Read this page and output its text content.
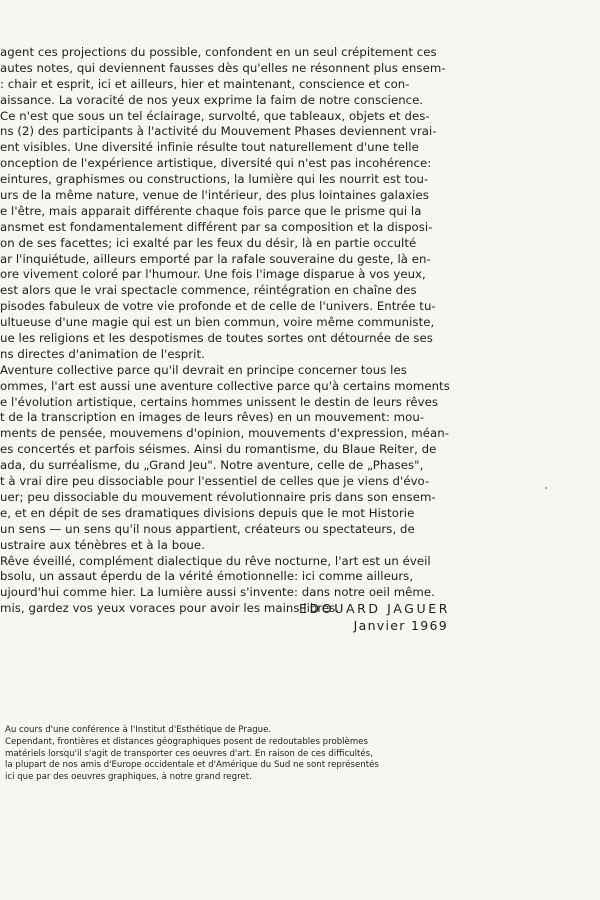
agent ces projections du possible, confondent en un seul crépitement ces
autes notes, qui deviennent fausses dès qu'elles ne résonnent plus ensem-
: chair et esprit, ici et ailleurs, hier et maintenant, conscience et con-
aissance. La voracité de nos yeux exprime la faim de notre conscience.
Ce n'est que sous un tel éclairage, survolté, que tableaux, objets et des-
ns (2) des participants à l'activité du Mouvement Phases deviennent vrai-
ent visibles. Une diversité infinie résulte tout naturellement d'une telle
onception de l'expérience artistique, diversité qui n'est pas incohérence:
eintures, graphismes ou constructions, la lumière qui les nourrit est tou-
urs de la même nature, venue de l'intérieur, des plus lointaines galaxies
e l'être, mais apparait différente chaque fois parce que le prisme qui la
ansmet est fondamentalement différent par sa composition et la disposi-
on de ses facettes; ici exalté par les feux du désir, là en partie occulté
ar l'inquiétude, ailleurs emporté par la rafale souveraine du geste, là en-
ore vivement coloré par l'humour. Une fois l'image disparue à vos yeux,
est alors que le vrai spectacle commence, réintégration en chaîne des
pisodes fabuleux de votre vie profonde et de celle de l'univers. Entrée tu-
ultueuse d'une magie qui est un bien commun, voire même communiste,
ue les religions et les despotismes de toutes sortes ont détournée de ses
ns directes d'animation de l'esprit.
Aventure collective parce qu'il devrait en principe concerner tous les
ommes, l'art est aussi une aventure collective parce qu'à certains moments
e l'évolution artistique, certains hommes unissent le destin de leurs rêves
t de la transcription en images de leurs rêves) en un mouvement: mou-
ments de pensée, mouvemens d'opinion, mouvements d'expression, méan-
es concertés et parfois séismes. Ainsi du romantisme, du Blaue Reiter, de
ada, du surréalisme, du „Grand Jeu". Notre aventure, celle de „Phases",
t à vrai dire peu dissociable pour l'essentiel de celles que je viens d'évo-
uer; peu dissociable du mouvement révolutionnaire pris dans son ensem-
e, et en dépit de ses dramatiques divisions depuis que le mot Historie
un sens — un sens qu'il nous appartient, créateurs ou spectateurs, de
ustraire aux ténèbres et à la boue.
Rêve éveillé, complément dialectique du rêve nocturne, l'art est un éveil
bsolu, un assaut éperdu de la vérité émotionnelle: ici comme ailleurs,
ujourd'hui comme hier. La lumière aussi s'invente: dans notre oeil même.
mis, gardez vos yeux voraces pour avoir les mains libres.
EDOUARD JAGUER
Janvier 1969
Au cours d'une conférence à l'Institut d'Esthétique de Prague.
Cependant, frontières et distances géographiques posent de redoutables problèmes
matériels lorsqu'il s'agit de transporter ces oeuvres d'art. En raison de ces difficultés,
la plupart de nos amis d'Europe occidentale et d'Amérique du Sud ne sont représentés
ici que par des oeuvres graphiques, à notre grand regret.
